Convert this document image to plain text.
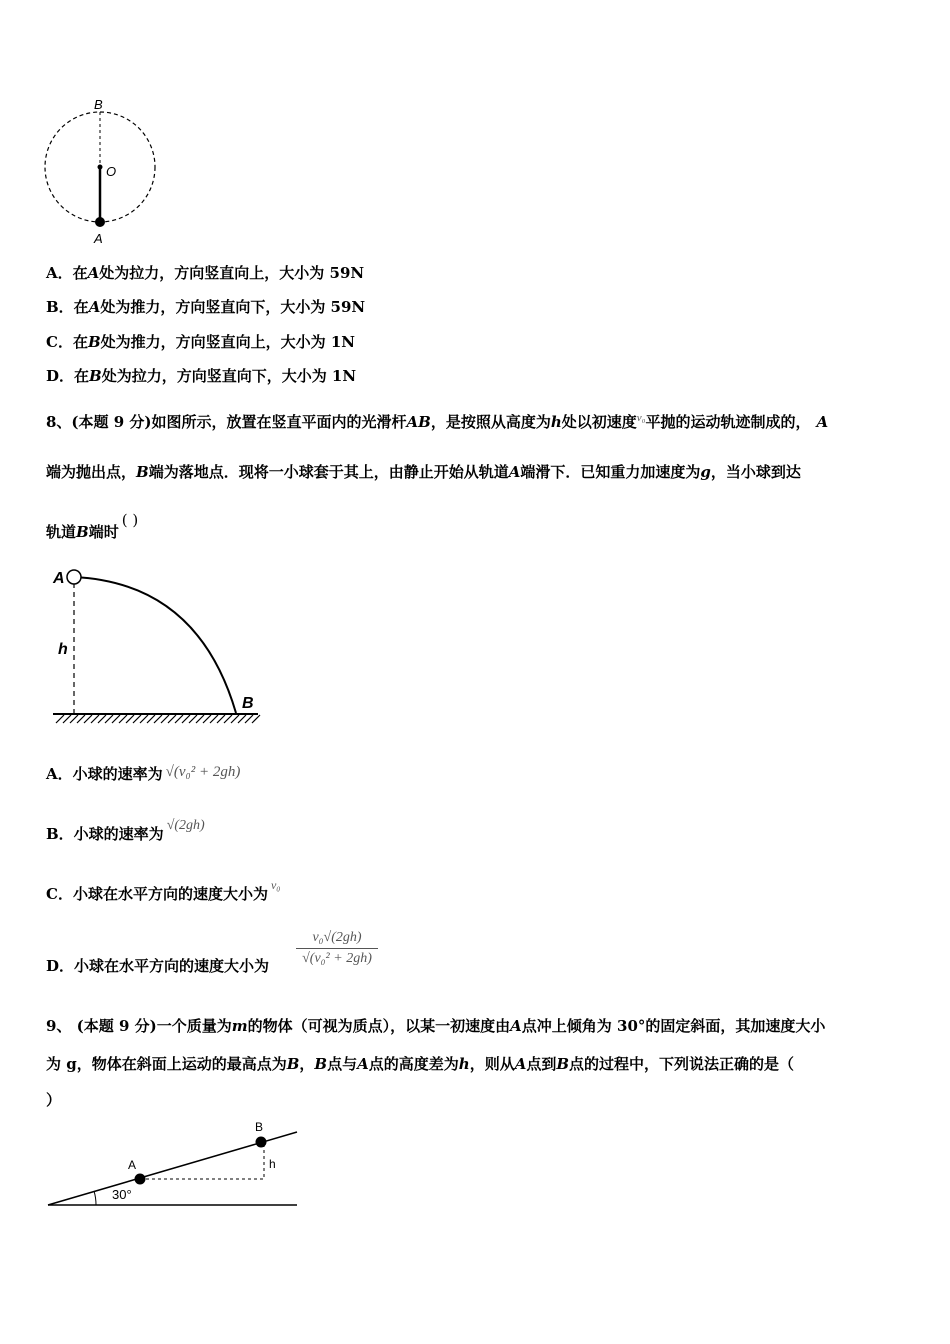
B
O
A
A．在A处为拉力，方向竖直向上，大小为 59N
B．在A处为推力，方向竖直向下，大小为 59N
C．在B处为推力，方向竖直向上，大小为 1N
D．在B处为拉力，方向竖直向下，大小为 1N
8、(本题 9 分)如图所示，放置在竖直平面内的光滑杆AB，是按照从高度为h处以初速度$^{v_0}$平抛的运动轨迹制成的， A
端为抛出点，B端为落地点．现将一小球套于其上，由静止开始从轨道A端滑下．已知重力加速度为g，当小球到达
轨道B端时( )
A
h
B
A．小球的速率为 √(v₀² + 2gh)
B．小球的速率为 √(2gh)
C．小球在水平方向的速度大小为 $^{v_0}$
D．小球在水平方向的速度大小为
v₀√(2gh)
√(v₀² + 2gh)
9、 (本题 9 分)一个质量为m的物体（可视为质点），以某一初速度由A点冲上倾角为 30°的固定斜面，其加速度大小
为 g，物体在斜面上运动的最高点为B，B点与A点的高度差为h，则从A点到B点的过程中，下列说法正确的是（
）
A
B
h
30°
